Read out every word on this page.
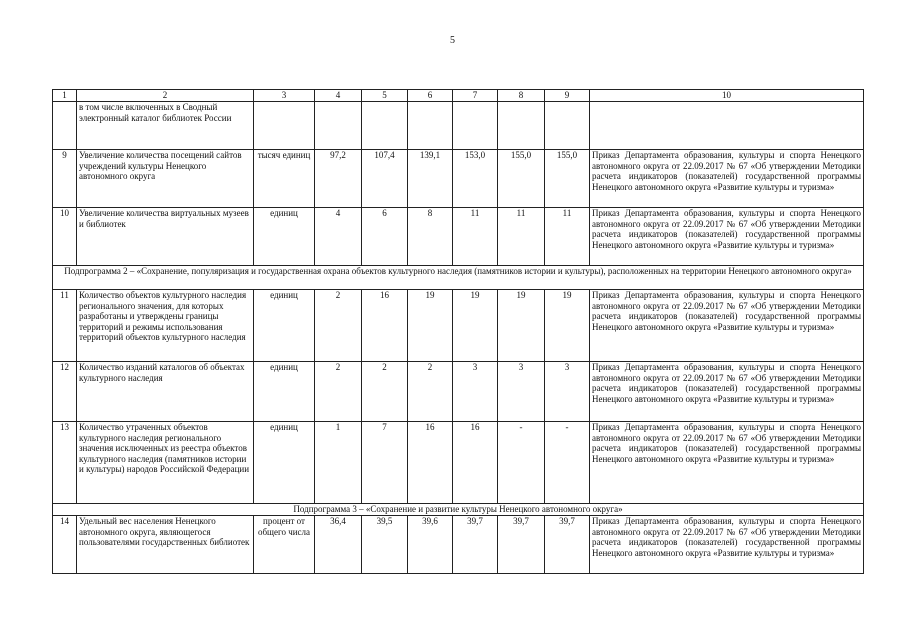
5
1	2	3	4	5	6	7	8	9	10
	в том числе включенных в Сводный электронный каталог библиотек России								
9	Увеличение количества посещений сайтов учреждений культуры Ненецкого автономного округа	тысяч единиц	97,2	107,4	139,1	153,0	155,0	155,0	Приказ Департамента образования, культуры и спорта Ненецкого автономного округа от 22.09.2017 № 67 «Об утверждении Методики расчета индикаторов (показателей) государственной программы Ненецкого автономного округа «Развитие культуры и туризма»
10	Увеличение количества виртуальных музеев и библиотек	единиц	4	6	8	11	11	11	Приказ Департамента образования, культуры и спорта Ненецкого автономного округа от 22.09.2017 № 67 «Об утверждении Методики расчета индикаторов (показателей) государственной программы Ненецкого автономного округа «Развитие культуры и туризма»
Подпрограмма 2 – «Сохранение, популяризация и государственная охрана объектов культурного наследия (памятников истории и культуры), расположенных на территории Ненецкого автономного округа»									
11	Количество объектов культурного наследия регионального значения, для которых разработаны и утверждены границы территорий и режимы использования территорий объектов культурного наследия	единиц	2	16	19	19	19	19	Приказ Департамента образования, культуры и спорта Ненецкого автономного округа от 22.09.2017 № 67 «Об утверждении Методики расчета индикаторов (показателей) государственной программы Ненецкого автономного округа «Развитие культуры и туризма»
12	Количество изданий каталогов об объектах культурного наследия	единиц	2	2	2	3	3	3	Приказ Департамента образования, культуры и спорта Ненецкого автономного округа от 22.09.2017 № 67 «Об утверждении Методики расчета индикаторов (показателей) государственной программы Ненецкого автономного округа «Развитие культуры и туризма»
13	Количество утраченных объектов культурного наследия регионального значения исключенных из реестра объектов культурного наследия (памятников истории и культуры) народов Российской Федерации	единиц	1	7	16	16	-	-	Приказ Департамента образования, культуры и спорта Ненецкого автономного округа от 22.09.2017 № 67 «Об утверждении Методики расчета индикаторов (показателей) государственной программы Ненецкого автономного округа «Развитие культуры и туризма»
Подпрограмма 3 – «Сохранение и развитие культуры Ненецкого автономного округа»									
14	Удельный вес населения Ненецкого автономного округа, являющегося пользователями государственных библиотек	процент от общего числа	36,4	39,5	39,6	39,7	39,7	39,7	Приказ Департамента образования, культуры и спорта Ненецкого автономного округа от 22.09.2017 № 67 «Об утверждении Методики расчета индикаторов (показателей) государственной программы Ненецкого автономного округа «Развитие культуры и туризма»
